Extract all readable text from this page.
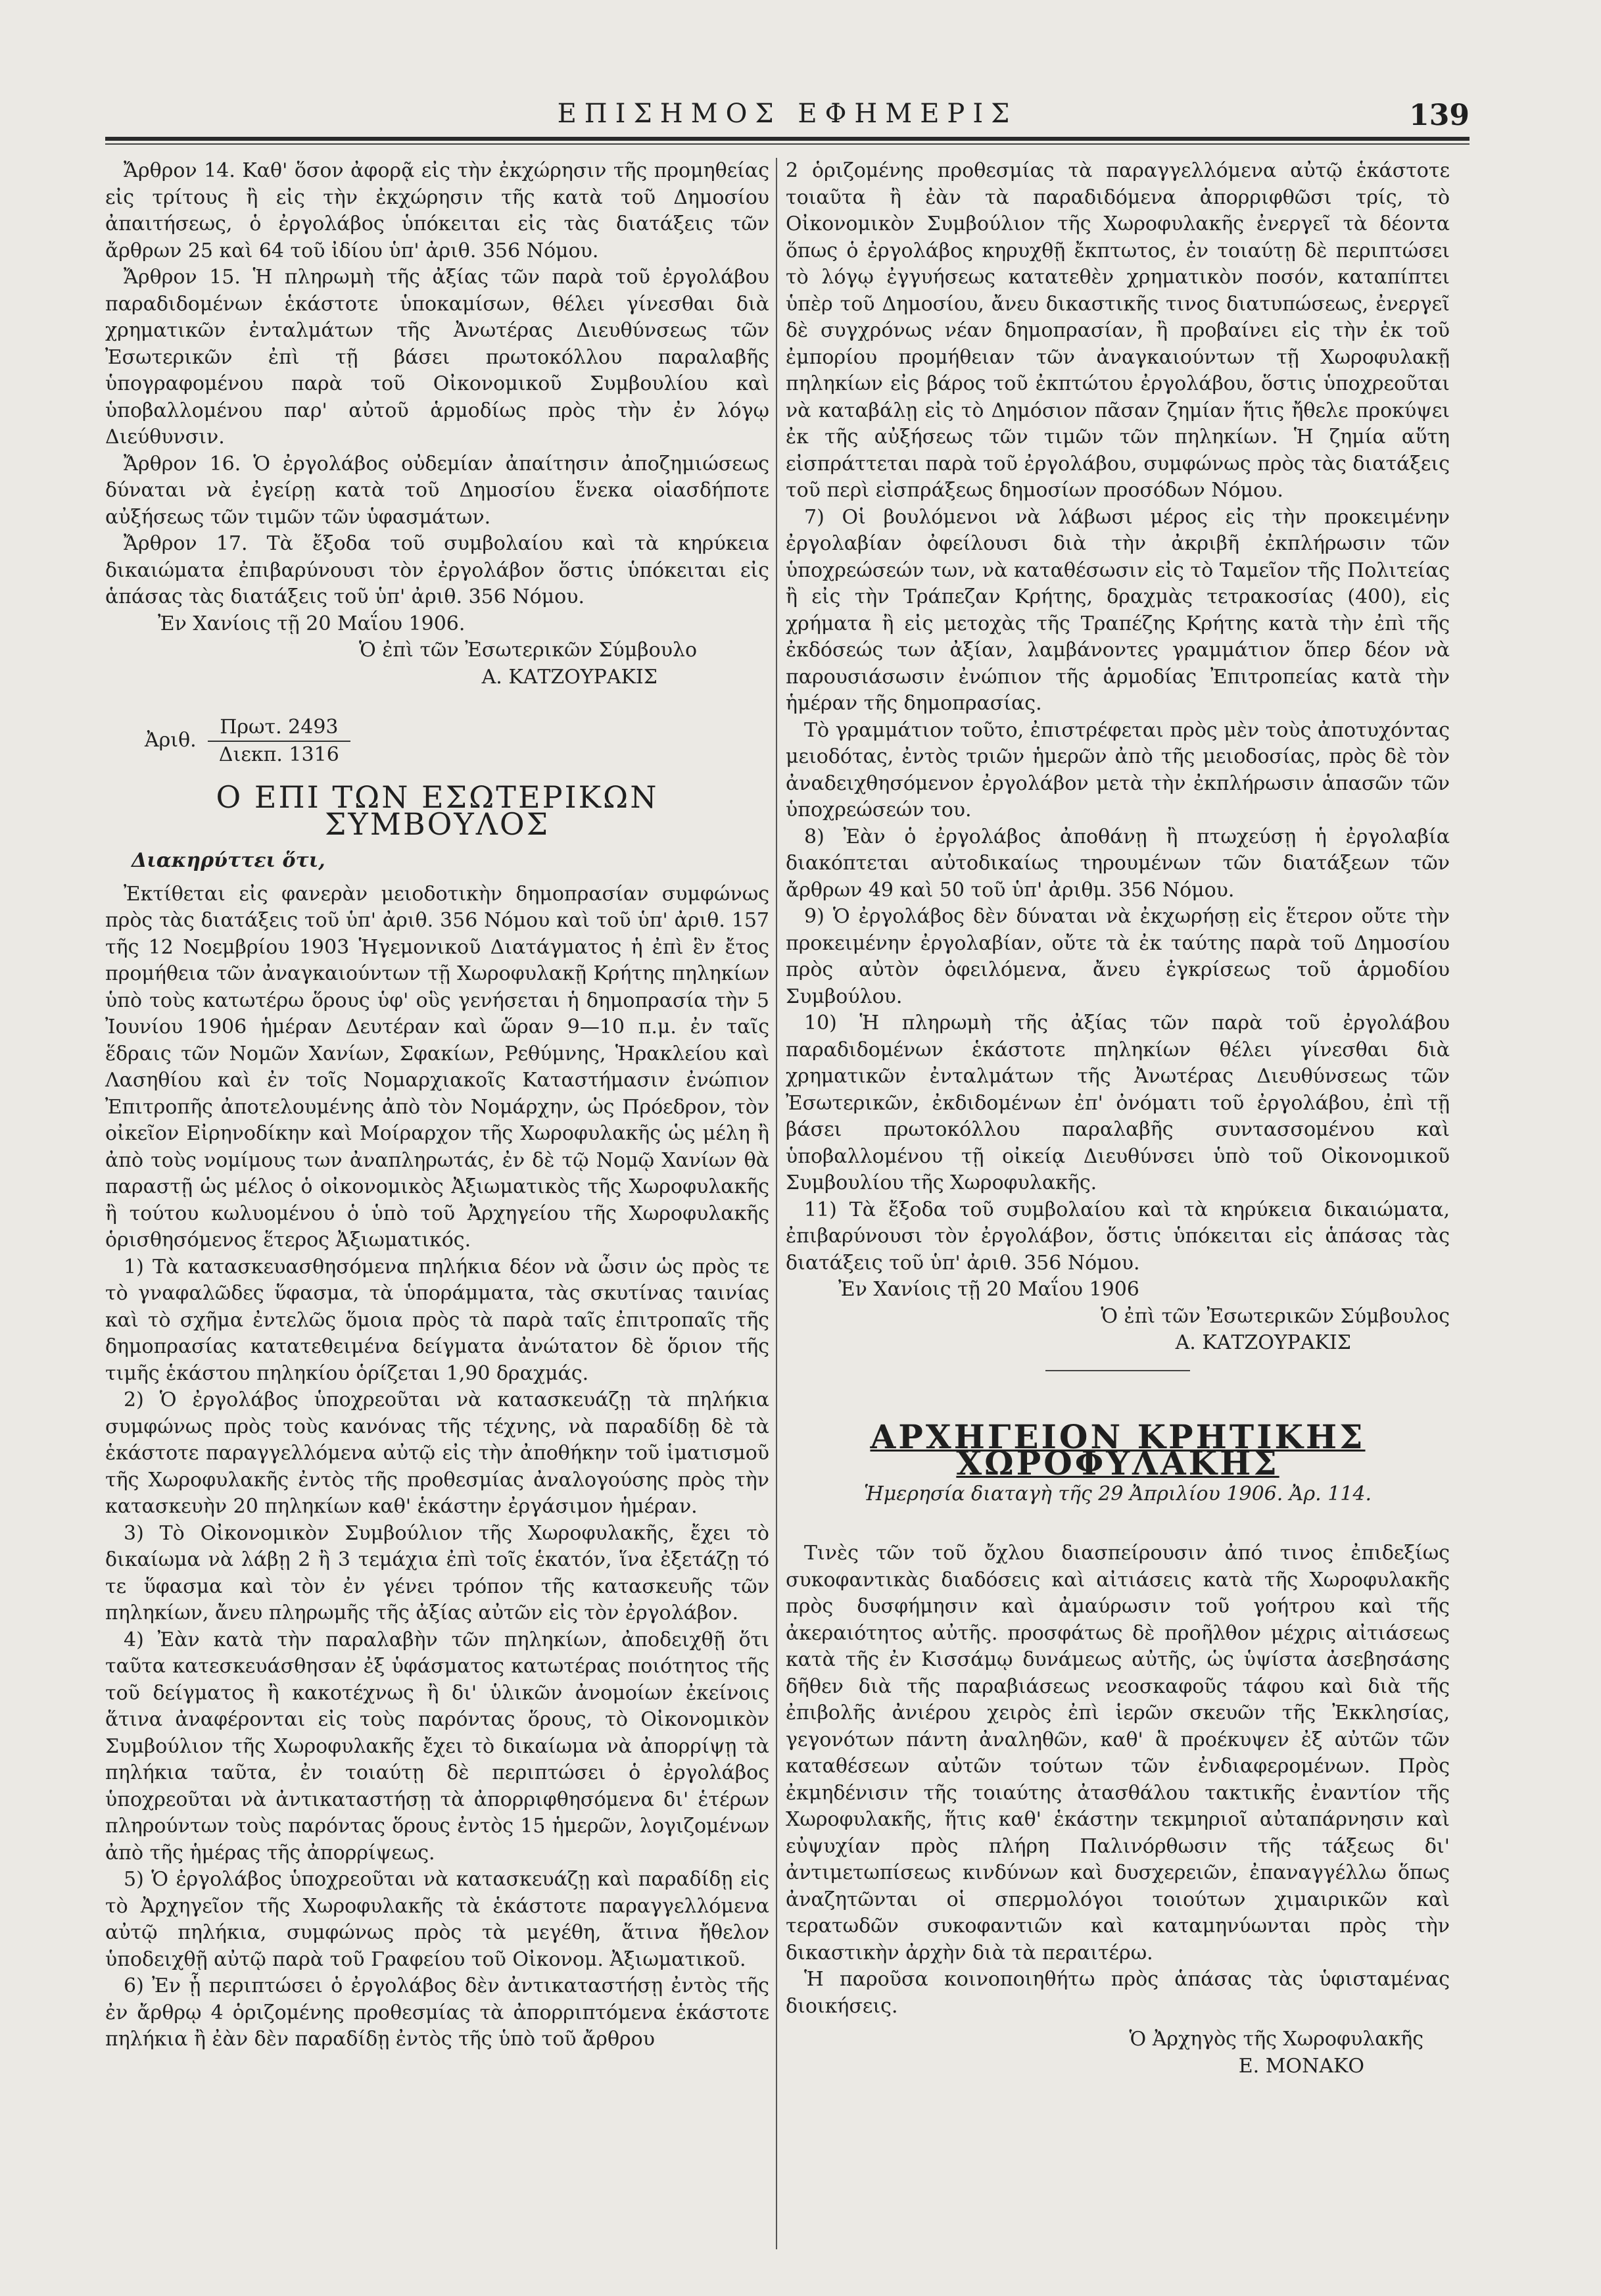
ΕΠΙΣΗΜΟΣ ΕΦΗΜΕΡΙΣ	139

Ἄρθρον 14. Καθ' ὅσον ἀφορᾷ εἰς τὴν ἐκχώρησιν τῆς προμηθείας εἰς τρίτους ἢ εἰς τὴν ἐκχώρησιν τῆς κατὰ τοῦ Δημοσίου ἀπαιτήσεως, ὁ ἐργολάβος ὑπόκειται εἰς τὰς διατάξεις τῶν ἄρθρων 25 καὶ 64 τοῦ ἰδίου ὑπ' ἀριθ. 356 Νόμου.

Ἄρθρον 15. Ἡ πληρωμὴ τῆς ἀξίας τῶν παρὰ τοῦ ἐργολάβου παραδιδομένων ἑκάστοτε ὑποκαμίσων, θέλει γίνεσθαι διὰ χρηματικῶν ἐνταλμάτων τῆς Ἀνωτέρας Διευθύνσεως τῶν Ἐσωτερικῶν ἐπὶ τῇ βάσει πρωτοκόλλου παραλαβῆς ὑπογραφομένου παρὰ τοῦ Οἰκονομικοῦ Συμβουλίου καὶ ὑποβαλλομένου παρ' αὐτοῦ ἁρμοδίως πρὸς τὴν ἐν λόγῳ Διεύθυνσιν.

Ἄρθρον 16. Ὁ ἐργολάβος οὐδεμίαν ἀπαίτησιν ἀποζημιώσεως δύναται νὰ ἐγείρῃ κατὰ τοῦ Δημοσίου ἕνεκα οἱασδήποτε αὐξήσεως τῶν τιμῶν τῶν ὑφασμάτων.

Ἄρθρον 17. Τὰ ἔξοδα τοῦ συμβολαίου καὶ τὰ κηρύκεια δικαιώματα ἐπιβαρύνουσι τὸν ἐργολάβον ὅστις ὑπόκειται εἰς ἁπάσας τὰς διατάξεις τοῦ ὑπ' ἀριθ. 356 Νόμου.

Ἐν Χανίοις τῇ 20 Μαΐου 1906.

Ὁ ἐπὶ τῶν Ἐσωτερικῶν Σύμβουλο

Α. ΚΑΤΖΟΥΡΑΚΙΣ

Ἀριθ. $\frac{\text{Πρωτ. 2493}}{\text{Διεκπ. 1316}}$

Ο ΕΠΙ ΤΩΝ ΕΣΩΤΕΡΙΚΩΝ ΣΥΜΒΟΥΛΟΣ

Διακηρύττει ὅτι,

Ἐκτίθεται εἰς φανερὰν μειοδοτικὴν δημοπρασίαν συμφώνως πρὸς τὰς διατάξεις τοῦ ὑπ' ἀριθ. 356 Νόμου καὶ τοῦ ὑπ' ἀριθ. 157 τῆς 12 Νοεμβρίου 1903 Ἡγεμονικοῦ Διατάγματος ἡ ἐπὶ ἓν ἔτος προμήθεια τῶν ἀναγκαιούντων τῇ Χωροφυλακῇ Κρήτης πηληκίων ὑπὸ τοὺς κατωτέρω ὅρους ὑφ' οὓς γενήσεται ἡ δημοπρασία τὴν 5 Ἰουνίου 1906 ἡμέραν Δευτέραν καὶ ὥραν 9—10 π.μ. ἐν ταῖς ἕδραις τῶν Νομῶν Χανίων, Σφακίων, Ρεθύμνης, Ἡρακλείου καὶ Λασηθίου καὶ ἐν τοῖς Νομαρχιακοῖς Καταστήμασιν ἐνώπιον Ἐπιτροπῆς ἀποτελουμένης ἀπὸ τὸν Νομάρχην, ὡς Πρόεδρον, τὸν οἰκεῖον Εἰρηνοδίκην καὶ Μοίραρχον τῆς Χωροφυλακῆς ὡς μέλη ἢ ἀπὸ τοὺς νομίμους των ἀναπληρωτάς, ἐν δὲ τῷ Νομῷ Χανίων θὰ παραστῇ ὡς μέλος ὁ οἰκονομικὸς Ἀξιωματικὸς τῆς Χωροφυλακῆς ἢ τούτου κωλυομένου ὁ ὑπὸ τοῦ Ἀρχηγείου τῆς Χωροφυλακῆς ὁρισθησόμενος ἕτερος Ἀξιωματικός.

1) Τὰ κατασκευασθησόμενα πηλήκια δέον νὰ ὦσιν ὡς πρὸς τε τὸ γναφαλῶδες ὕφασμα, τὰ ὑποράμματα, τὰς σκυτίνας ταινίας καὶ τὸ σχῆμα ἐντελῶς ὅμοια πρὸς τὰ παρὰ ταῖς ἐπιτροπαῖς τῆς δημοπρασίας κατατεθειμένα δείγματα ἀνώτατον δὲ ὅριον τῆς τιμῆς ἑκάστου πηληκίου ὁρίζεται 1,90 δραχμάς.

2) Ὁ ἐργολάβος ὑποχρεοῦται νὰ κατασκευάζῃ τὰ πηλήκια συμφώνως πρὸς τοὺς κανόνας τῆς τέχνης, νὰ παραδίδῃ δὲ τὰ ἑκάστοτε παραγγελλόμενα αὐτῷ εἰς τὴν ἀποθήκην τοῦ ἱματισμοῦ τῆς Χωροφυλακῆς ἐντὸς τῆς προθεσμίας ἀναλογούσης πρὸς τὴν κατασκευὴν 20 πηληκίων καθ' ἑκάστην ἐργάσιμον ἡμέραν.

3) Τὸ Οἰκονομικὸν Συμβούλιον τῆς Χωροφυλακῆς, ἔχει τὸ δικαίωμα νὰ λάβῃ 2 ἢ 3 τεμάχια ἐπὶ τοῖς ἑκατόν, ἵνα ἐξετάζῃ τό τε ὕφασμα καὶ τὸν ἐν γένει τρόπον τῆς κατασκευῆς τῶν πηληκίων, ἄνευ πληρωμῆς τῆς ἀξίας αὐτῶν εἰς τὸν ἐργολάβον.

4) Ἐὰν κατὰ τὴν παραλαβὴν τῶν πηληκίων, ἀποδειχθῇ ὅτι ταῦτα κατεσκευάσθησαν ἐξ ὑφάσματος κατωτέρας ποιότητος τῆς τοῦ δείγματος ἢ κακοτέχνως ἢ δι' ὑλικῶν ἀνομοίων ἐκείνοις ἅτινα ἀναφέρονται εἰς τοὺς παρόντας ὅρους, τὸ Οἰκονομικὸν Συμβούλιον τῆς Χωροφυλακῆς ἔχει τὸ δικαίωμα νὰ ἀπορρίψῃ τὰ πηλήκια ταῦτα, ἐν τοιαύτῃ δὲ περιπτώσει ὁ ἐργολάβος ὑποχρεοῦται νὰ ἀντικαταστήσῃ τὰ ἀπορριφθησόμενα δι' ἑτέρων πληρούντων τοὺς παρόντας ὅρους ἐντὸς 15 ἡμερῶν, λογιζομένων ἀπὸ τῆς ἡμέρας τῆς ἀπορρίψεως.

5) Ὁ ἐργολάβος ὑποχρεοῦται νὰ κατασκευάζῃ καὶ παραδίδῃ εἰς τὸ Ἀρχηγεῖον τῆς Χωροφυλακῆς τὰ ἑκάστοτε παραγγελλόμενα αὐτῷ πηλήκια, συμφώνως πρὸς τὰ μεγέθη, ἅτινα ἤθελον ὑποδειχθῇ αὐτῷ παρὰ τοῦ Γραφείου τοῦ Οἰκονομ. Ἀξιωματικοῦ.

6) Ἐν ᾗ περιπτώσει ὁ ἐργολάβος δὲν ἀντικαταστήσῃ ἐντὸς τῆς ἐν ἄρθρῳ 4 ὁριζομένης προθεσμίας τὰ ἀπορριπτόμενα ἑκάστοτε πηλήκια ἢ ἐὰν δὲν παραδίδῃ ἐντὸς τῆς ὑπὸ τοῦ ἄρθρου

2 ὁριζομένης προθεσμίας τὰ παραγγελλόμενα αὐτῷ ἑκάστοτε τοιαῦτα ἢ ἐὰν τὰ παραδιδόμενα ἀπορριφθῶσι τρίς, τὸ Οἰκονομικὸν Συμβούλιον τῆς Χωροφυλακῆς ἐνεργεῖ τὰ δέοντα ὅπως ὁ ἐργολάβος κηρυχθῇ ἔκπτωτος, ἐν τοιαύτῃ δὲ περιπτώσει τὸ λόγῳ ἐγγυήσεως κατατεθὲν χρηματικὸν ποσόν, καταπίπτει ὑπὲρ τοῦ Δημοσίου, ἄνευ δικαστικῆς τινος διατυπώσεως, ἐνεργεῖ δὲ συγχρόνως νέαν δημοπρασίαν, ἢ προβαίνει εἰς τὴν ἐκ τοῦ ἐμπορίου προμήθειαν τῶν ἀναγκαιούντων τῇ Χωροφυλακῇ πηληκίων εἰς βάρος τοῦ ἐκπτώτου ἐργολάβου, ὅστις ὑποχρεοῦται νὰ καταβάλῃ εἰς τὸ Δημόσιον πᾶσαν ζημίαν ἥτις ἤθελε προκύψει ἐκ τῆς αὐξήσεως τῶν τιμῶν τῶν πηληκίων. Ἡ ζημία αὕτη εἰσπράττεται παρὰ τοῦ ἐργολάβου, συμφώνως πρὸς τὰς διατάξεις τοῦ περὶ εἰσπράξεως δημοσίων προσόδων Νόμου.

7) Οἱ βουλόμενοι νὰ λάβωσι μέρος εἰς τὴν προκειμένην ἐργολαβίαν ὀφείλουσι διὰ τὴν ἀκριβῆ ἐκπλήρωσιν τῶν ὑποχρεώσεών των, νὰ καταθέσωσιν εἰς τὸ Ταμεῖον τῆς Πολιτείας ἢ εἰς τὴν Τράπεζαν Κρήτης, δραχμὰς τετρακοσίας (400), εἰς χρήματα ἢ εἰς μετοχὰς τῆς Τραπέζης Κρήτης κατὰ τὴν ἐπὶ τῆς ἐκδόσεώς των ἀξίαν, λαμβάνοντες γραμμάτιον ὅπερ δέον νὰ παρουσιάσωσιν ἐνώπιον τῆς ἁρμοδίας Ἐπιτροπείας κατὰ τὴν ἡμέραν τῆς δημοπρασίας.

Τὸ γραμμάτιον τοῦτο, ἐπιστρέφεται πρὸς μὲν τοὺς ἀποτυχόντας μειοδότας, ἐντὸς τριῶν ἡμερῶν ἀπὸ τῆς μειοδοσίας, πρὸς δὲ τὸν ἀναδειχθησόμενον ἐργολάβον μετὰ τὴν ἐκπλήρωσιν ἁπασῶν τῶν ὑποχρεώσεών του.

8) Ἐὰν ὁ ἐργολάβος ἀποθάνῃ ἢ πτωχεύσῃ ἡ ἐργολαβία διακόπτεται αὐτοδικαίως τηρουμένων τῶν διατάξεων τῶν ἄρθρων 49 καὶ 50 τοῦ ὑπ' ἀριθμ. 356 Νόμου.

9) Ὁ ἐργολάβος δὲν δύναται νὰ ἐκχωρήσῃ εἰς ἕτερον οὔτε τὴν προκειμένην ἐργολαβίαν, οὔτε τὰ ἐκ ταύτης παρὰ τοῦ Δημοσίου πρὸς αὐτὸν ὀφειλόμενα, ἄνευ ἐγκρίσεως τοῦ ἁρμοδίου Συμβούλου.

10) Ἡ πληρωμὴ τῆς ἀξίας τῶν παρὰ τοῦ ἐργολάβου παραδιδομένων ἑκάστοτε πηληκίων θέλει γίνεσθαι διὰ χρηματικῶν ἐνταλμάτων τῆς Ἀνωτέρας Διευθύνσεως τῶν Ἐσωτερικῶν, ἐκδιδομένων ἐπ' ὀνόματι τοῦ ἐργολάβου, ἐπὶ τῇ βάσει πρωτοκόλλου παραλαβῆς συντασσομένου καὶ ὑποβαλλομένου τῇ οἰκείᾳ Διευθύνσει ὑπὸ τοῦ Οἰκονομικοῦ Συμβουλίου τῆς Χωροφυλακῆς.

11) Τὰ ἔξοδα τοῦ συμβολαίου καὶ τὰ κηρύκεια δικαιώματα, ἐπιβαρύνουσι τὸν ἐργολάβον, ὅστις ὑπόκειται εἰς ἁπάσας τὰς διατάξεις τοῦ ὑπ' ἀριθ. 356 Νόμου.

Ἐν Χανίοις τῇ 20 Μαΐου 1906

Ὁ ἐπὶ τῶν Ἐσωτερικῶν Σύμβουλος

Α. ΚΑΤΖΟΥΡΑΚΙΣ

ΑΡΧΗΓΕΙΟΝ ΚΡΗΤΙΚΗΣ ΧΩΡΟΦΥΛΑΚΗΣ

Ἡμερησία διαταγὴ τῆς 29 Ἀπριλίου 1906. Ἀρ. 114.

Τινὲς τῶν τοῦ ὄχλου διασπείρουσιν ἀπό τινος ἐπιδεξίως συκοφαντικὰς διαδόσεις καὶ αἰτιάσεις κατὰ τῆς Χωροφυλακῆς πρὸς δυσφήμησιν καὶ ἀμαύρωσιν τοῦ γοήτρου καὶ τῆς ἀκεραιότητος αὐτῆς. προσφάτως δὲ προῆλθον μέχρις αἰτιάσεως κατὰ τῆς ἐν Κισσάμῳ δυνάμεως αὐτῆς, ὡς ὑψίστα ἀσεβησάσης δῆθεν διὰ τῆς παραβιάσεως νεοσκαφοῦς τάφου καὶ διὰ τῆς ἐπιβολῆς ἀνιέρου χειρὸς ἐπὶ ἱερῶν σκευῶν τῆς Ἐκκλησίας, γεγονότων πάντη ἀναληθῶν, καθ' ἃ προέκυψεν ἐξ αὐτῶν τῶν καταθέσεων αὐτῶν τούτων τῶν ἐνδιαφερομένων. Πρὸς ἐκμηδένισιν τῆς τοιαύτης ἀτασθάλου τακτικῆς ἐναντίον τῆς Χωροφυλακῆς, ἥτις καθ' ἑκάστην τεκμηριοῖ αὐταπάρνησιν καὶ εὐψυχίαν πρὸς πλήρη Παλινόρθωσιν τῆς τάξεως δι' ἀντιμετωπίσεως κινδύνων καὶ δυσχερειῶν, ἐπαναγγέλλω ὅπως ἀναζητῶνται οἱ σπερμολόγοι τοιούτων χιμαιρικῶν καὶ τερατωδῶν συκοφαντιῶν καὶ καταμηνύωνται πρὸς τὴν δικαστικὴν ἀρχὴν διὰ τὰ περαιτέρω.

Ἡ παροῦσα κοινοποιηθήτω πρὸς ἁπάσας τὰς ὑφισταμένας διοικήσεις.

Ὁ Ἀρχηγὸς τῆς Χωροφυλακῆς

Ε. ΜΟΝΑΚΟ
